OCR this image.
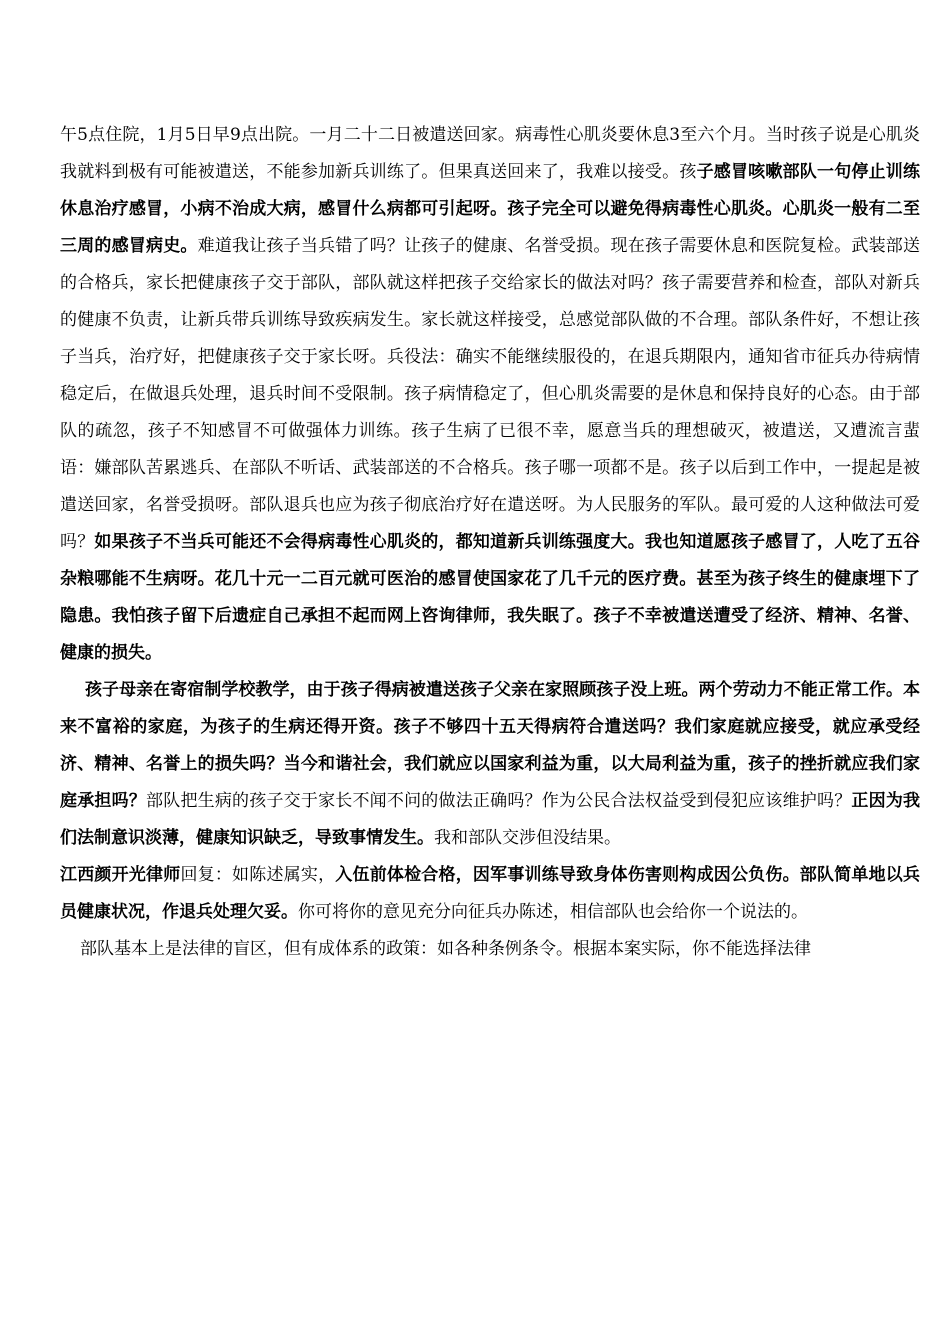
午5点住院，1月5日早9点出院。一月二十二日被遣送回家。病毒性心肌炎要休息3至六个月。当时孩子说是心肌炎我就料到极有可能被遣送，不能参加新兵训练了。但果真送回来了，我难以接受。孩子感冒咳嗽部队一句停止训练休息治疗感冒，小病不治成大病，感冒什么病都可引起呀。孩子完全可以避免得病毒性心肌炎。心肌炎一般有二至三周的感冒病史。难道我让孩子当兵错了吗？让孩子的健康、名誉受损。现在孩子需要休息和医院复检。武装部送的合格兵，家长把健康孩子交于部队，部队就这样把孩子交给家长的做法对吗？孩子需要营养和检查，部队对新兵的健康不负责，让新兵带兵训练导致疾病发生。家长就这样接受，总感觉部队做的不合理。部队条件好，不想让孩子当兵，治疗好，把健康孩子交于家长呀。兵役法：确实不能继续服役的，在退兵期限内，通知省市征兵办待病情稳定后，在做退兵处理，退兵时间不受限制。孩子病情稳定了，但心肌炎需要的是休息和保持良好的心态。由于部队的疏忽，孩子不知感冒不可做强体力训练。孩子生病了已很不幸，愿意当兵的理想破灭，被遣送，又遭流言蜚语：嫌部队苦累逃兵、在部队不听话、武装部送的不合格兵。孩子哪一项都不是。孩子以后到工作中，一提起是被遣送回家，名誉受损呀。部队退兵也应为孩子彻底治疗好在遣送呀。为人民服务的军队。最可爱的人这种做法可爱吗？如果孩子不当兵可能还不会得病毒性心肌炎的，都知道新兵训练强度大。我也知道愿孩子感冒了，人吃了五谷杂粮哪能不生病呀。花几十元一二百元就可医治的感冒使国家花了几千元的医疗费。甚至为孩子终生的健康埋下了隐患。我怕孩子留下后遗症自己承担不起而网上咨询律师，我失眠了。孩子不幸被遣送遭受了经济、精神、名誉、健康的损失。

孩子母亲在寄宿制学校教学，由于孩子得病被遣送孩子父亲在家照顾孩子没上班。两个劳动力不能正常工作。本来不富裕的家庭，为孩子的生病还得开资。孩子不够四十五天得病符合遣送吗？我们家庭就应接受，就应承受经济、精神、名誉上的损失吗？当今和谐社会，我们就应以国家利益为重，以大局利益为重，孩子的挫折就应我们家庭承担吗？部队把生病的孩子交于家长不闻不问的做法正确吗？作为公民合法权益受到侵犯应该维护吗？正因为我们法制意识淡薄，健康知识缺乏，导致事情发生。我和部队交涉但没结果。

江西颜开光律师回复：如陈述属实，入伍前体检合格，因军事训练导致身体伤害则构成因公负伤。部队简单地以兵员健康状况，作退兵处理欠妥。你可将你的意见充分向征兵办陈述，相信部队也会给你一个说法的。

部队基本上是法律的盲区，但有成体系的政策：如各种条例条令。根据本案实际，你不能选择法律
